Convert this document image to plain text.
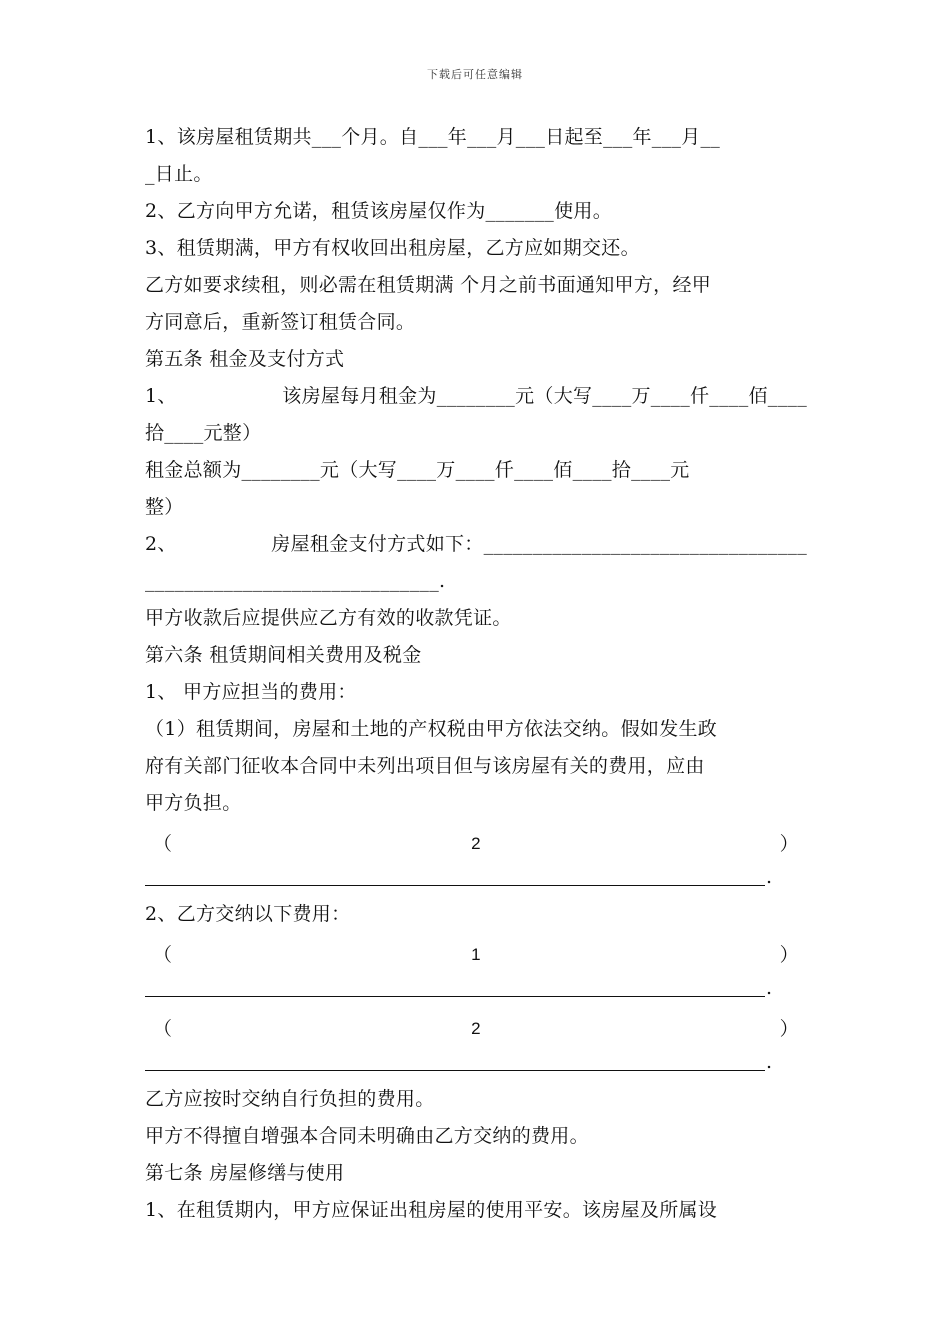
下载后可任意编辑
1、该房屋租赁期共___个月。自___年___月___日起至___年___月__
_日止。
2、乙方向甲方允诺，租赁该房屋仅作为_______使用。
3、租赁期满，甲方有权收回出租房屋，乙方应如期交还。
乙方如要求续租，则必需在租赁期满 个月之前书面通知甲方，经甲
方同意后，重新签订租赁合同。
第五条 租金及支付方式
1、	该房屋每月租金为________元（大写____万____仟____佰____
拾____元整）
租金总额为________元（大写____万____仟____佰____拾____元
整）
2、	房屋租金支付方式如下：_________________________________
______________________________.
甲方收款后应提供应乙方有效的收款凭证。
第六条 租赁期间相关费用及税金
1、 甲方应担当的费用：
（1）租赁期间，房屋和土地的产权税由甲方依法交纳。假如发生政
府有关部门征收本合同中未列出项目但与该房屋有关的费用，应由
甲方负担。
（	2	）
.
2、乙方交纳以下费用：
（	1	）
.
（	2	）
.
乙方应按时交纳自行负担的费用。
甲方不得擅自增强本合同未明确由乙方交纳的费用。
第七条 房屋修缮与使用
1、在租赁期内，甲方应保证出租房屋的使用平安。该房屋及所属设
